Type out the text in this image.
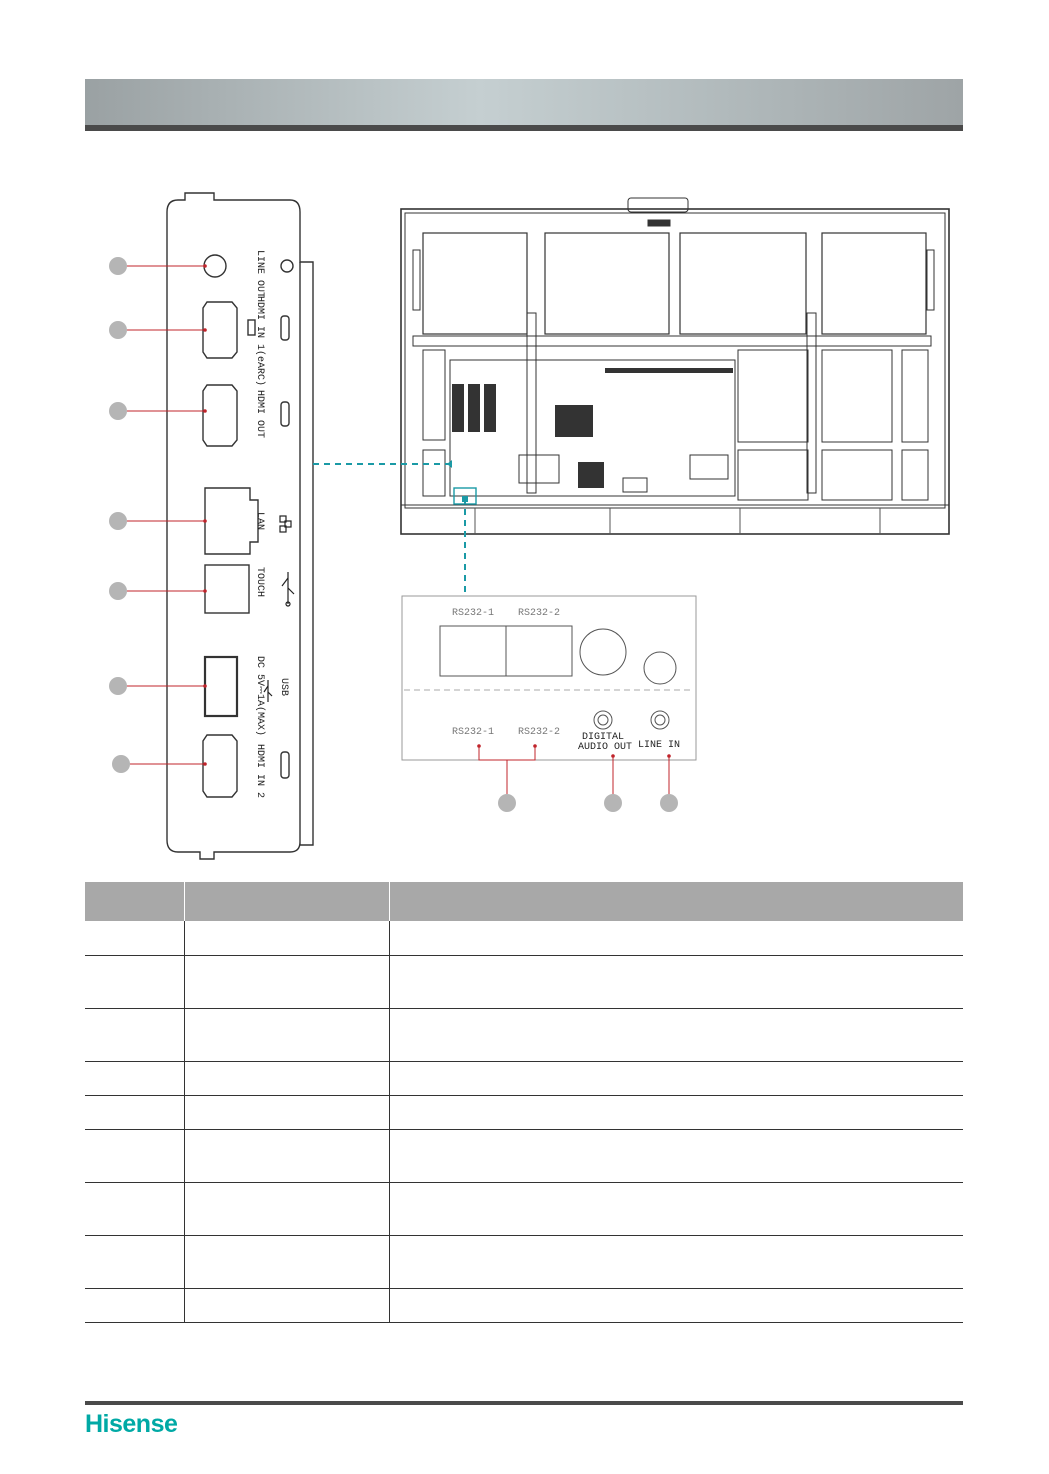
LINE OUT
HDMI IN 1(eARC)
HDMI OUT
LAN
TOUCH
USB
DC 5V⎓1A(MAX)
HDMI IN 2
RS232-1 RS232-2
RS232-1 RS232-2 DIGITAL
AUDIO OUT LINE IN

Hisense
